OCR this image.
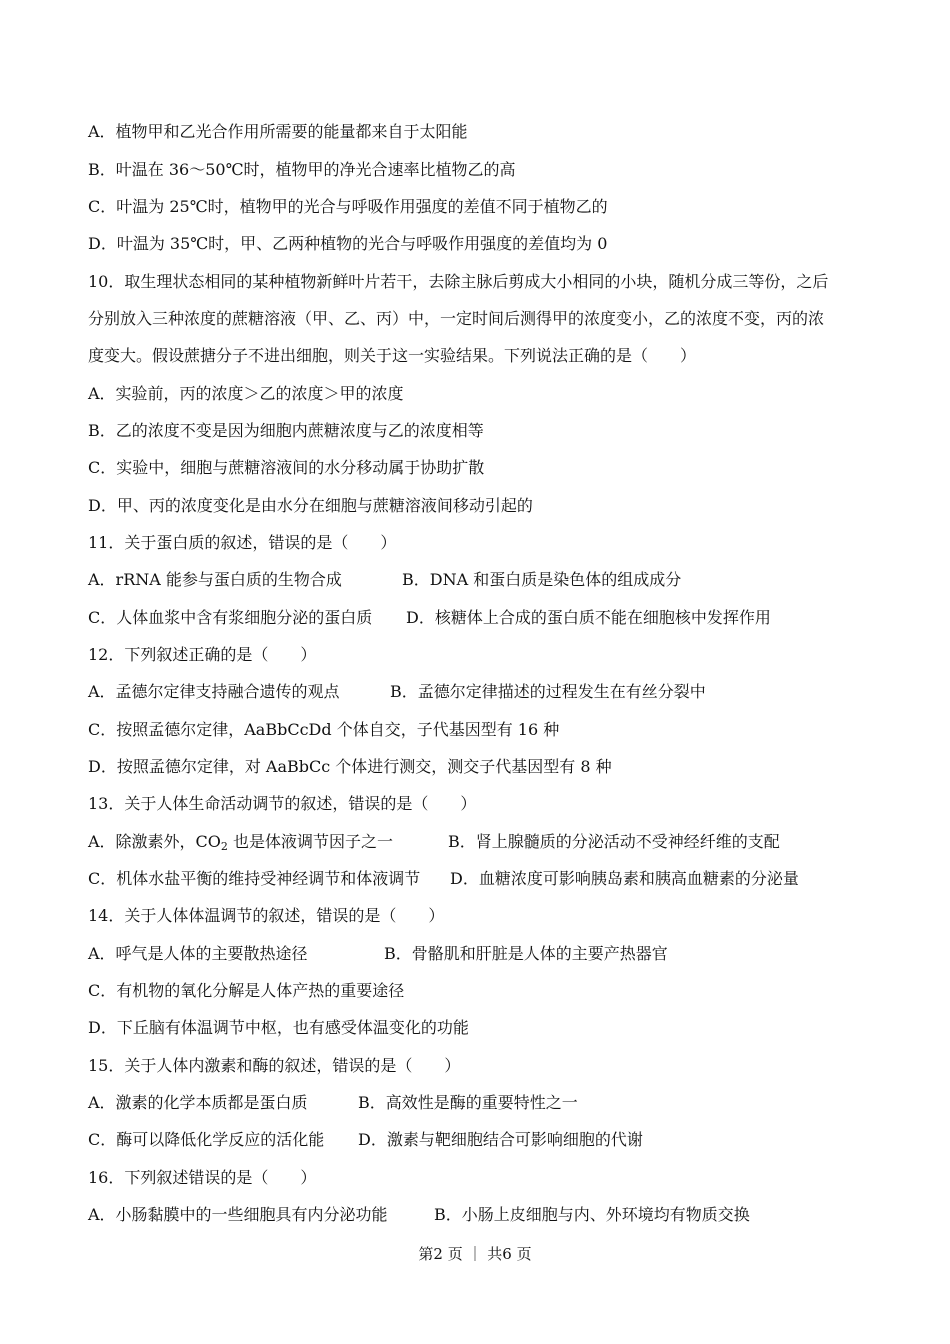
A．植物甲和乙光合作用所需要的能量都来自于太阳能
B．叶温在 36～50℃时，植物甲的净光合速率比植物乙的高
C．叶温为 25℃时，植物甲的光合与呼吸作用强度的差值不同于植物乙的
D．叶温为 35℃时，甲、乙两种植物的光合与呼吸作用强度的差值均为 0
10．取生理状态相同的某种植物新鲜叶片若干，去除主脉后剪成大小相同的小块，随机分成三等份，之后
分别放入三种浓度的蔗糖溶液（甲、乙、丙）中，一定时间后测得甲的浓度变小，乙的浓度不变，丙的浓
度变大。假设蔗搪分子不进出细胞，则关于这一实验结果。下列说法正确的是（　　）
A．实验前，丙的浓度＞乙的浓度＞甲的浓度
B．乙的浓度不变是因为细胞内蔗糖浓度与乙的浓度相等
C．实验中，细胞与蔗糖溶液间的水分移动属于协助扩散
D．甲、丙的浓度变化是由水分在细胞与蔗糖溶液间移动引起的
11．关于蛋白质的叙述，错误的是（　　）
A．rRNA 能参与蛋白质的生物合成	B．DNA 和蛋白质是染色体的组成成分
C．人体血浆中含有浆细胞分泌的蛋白质 D．核糖体上合成的蛋白质不能在细胞核中发挥作用
12．下列叙述正确的是（　　）
A．孟德尔定律支持融合遗传的观点	B．孟德尔定律描述的过程发生在有丝分裂中
C．按照孟德尔定律，AaBbCcDd 个体自交，子代基因型有 16 种
D．按照孟德尔定律，对 AaBbCc 个体进行测交，测交子代基因型有 8 种
13．关于人体生命活动调节的叙述，错误的是（　　）
A．除激素外，$CO_2$ 也是体液调节因子之一	B．肾上腺髓质的分泌活动不受神经纤维的支配
C．机体水盐平衡的维持受神经调节和体液调节 D．血糖浓度可影响胰岛素和胰高血糖素的分泌量
14．关于人体体温调节的叙述，错误的是（　　）
A．呼气是人体的主要散热途径	B．骨骼肌和肝脏是人体的主要产热器官
C．有机物的氧化分解是人体产热的重要途径
D．下丘脑有体温调节中枢，也有感受体温变化的功能
15．关于人体内激素和酶的叙述，错误的是（　　）
A．激素的化学本质都是蛋白质	B．高效性是酶的重要特性之一
C．酶可以降低化学反应的活化能 D．激素与靶细胞结合可影响细胞的代谢
16．下列叙述错误的是（　　）
A．小肠黏膜中的一些细胞具有内分泌功能	B．小肠上皮细胞与内、外环境均有物质交换
第2 页 ｜ 共6 页
